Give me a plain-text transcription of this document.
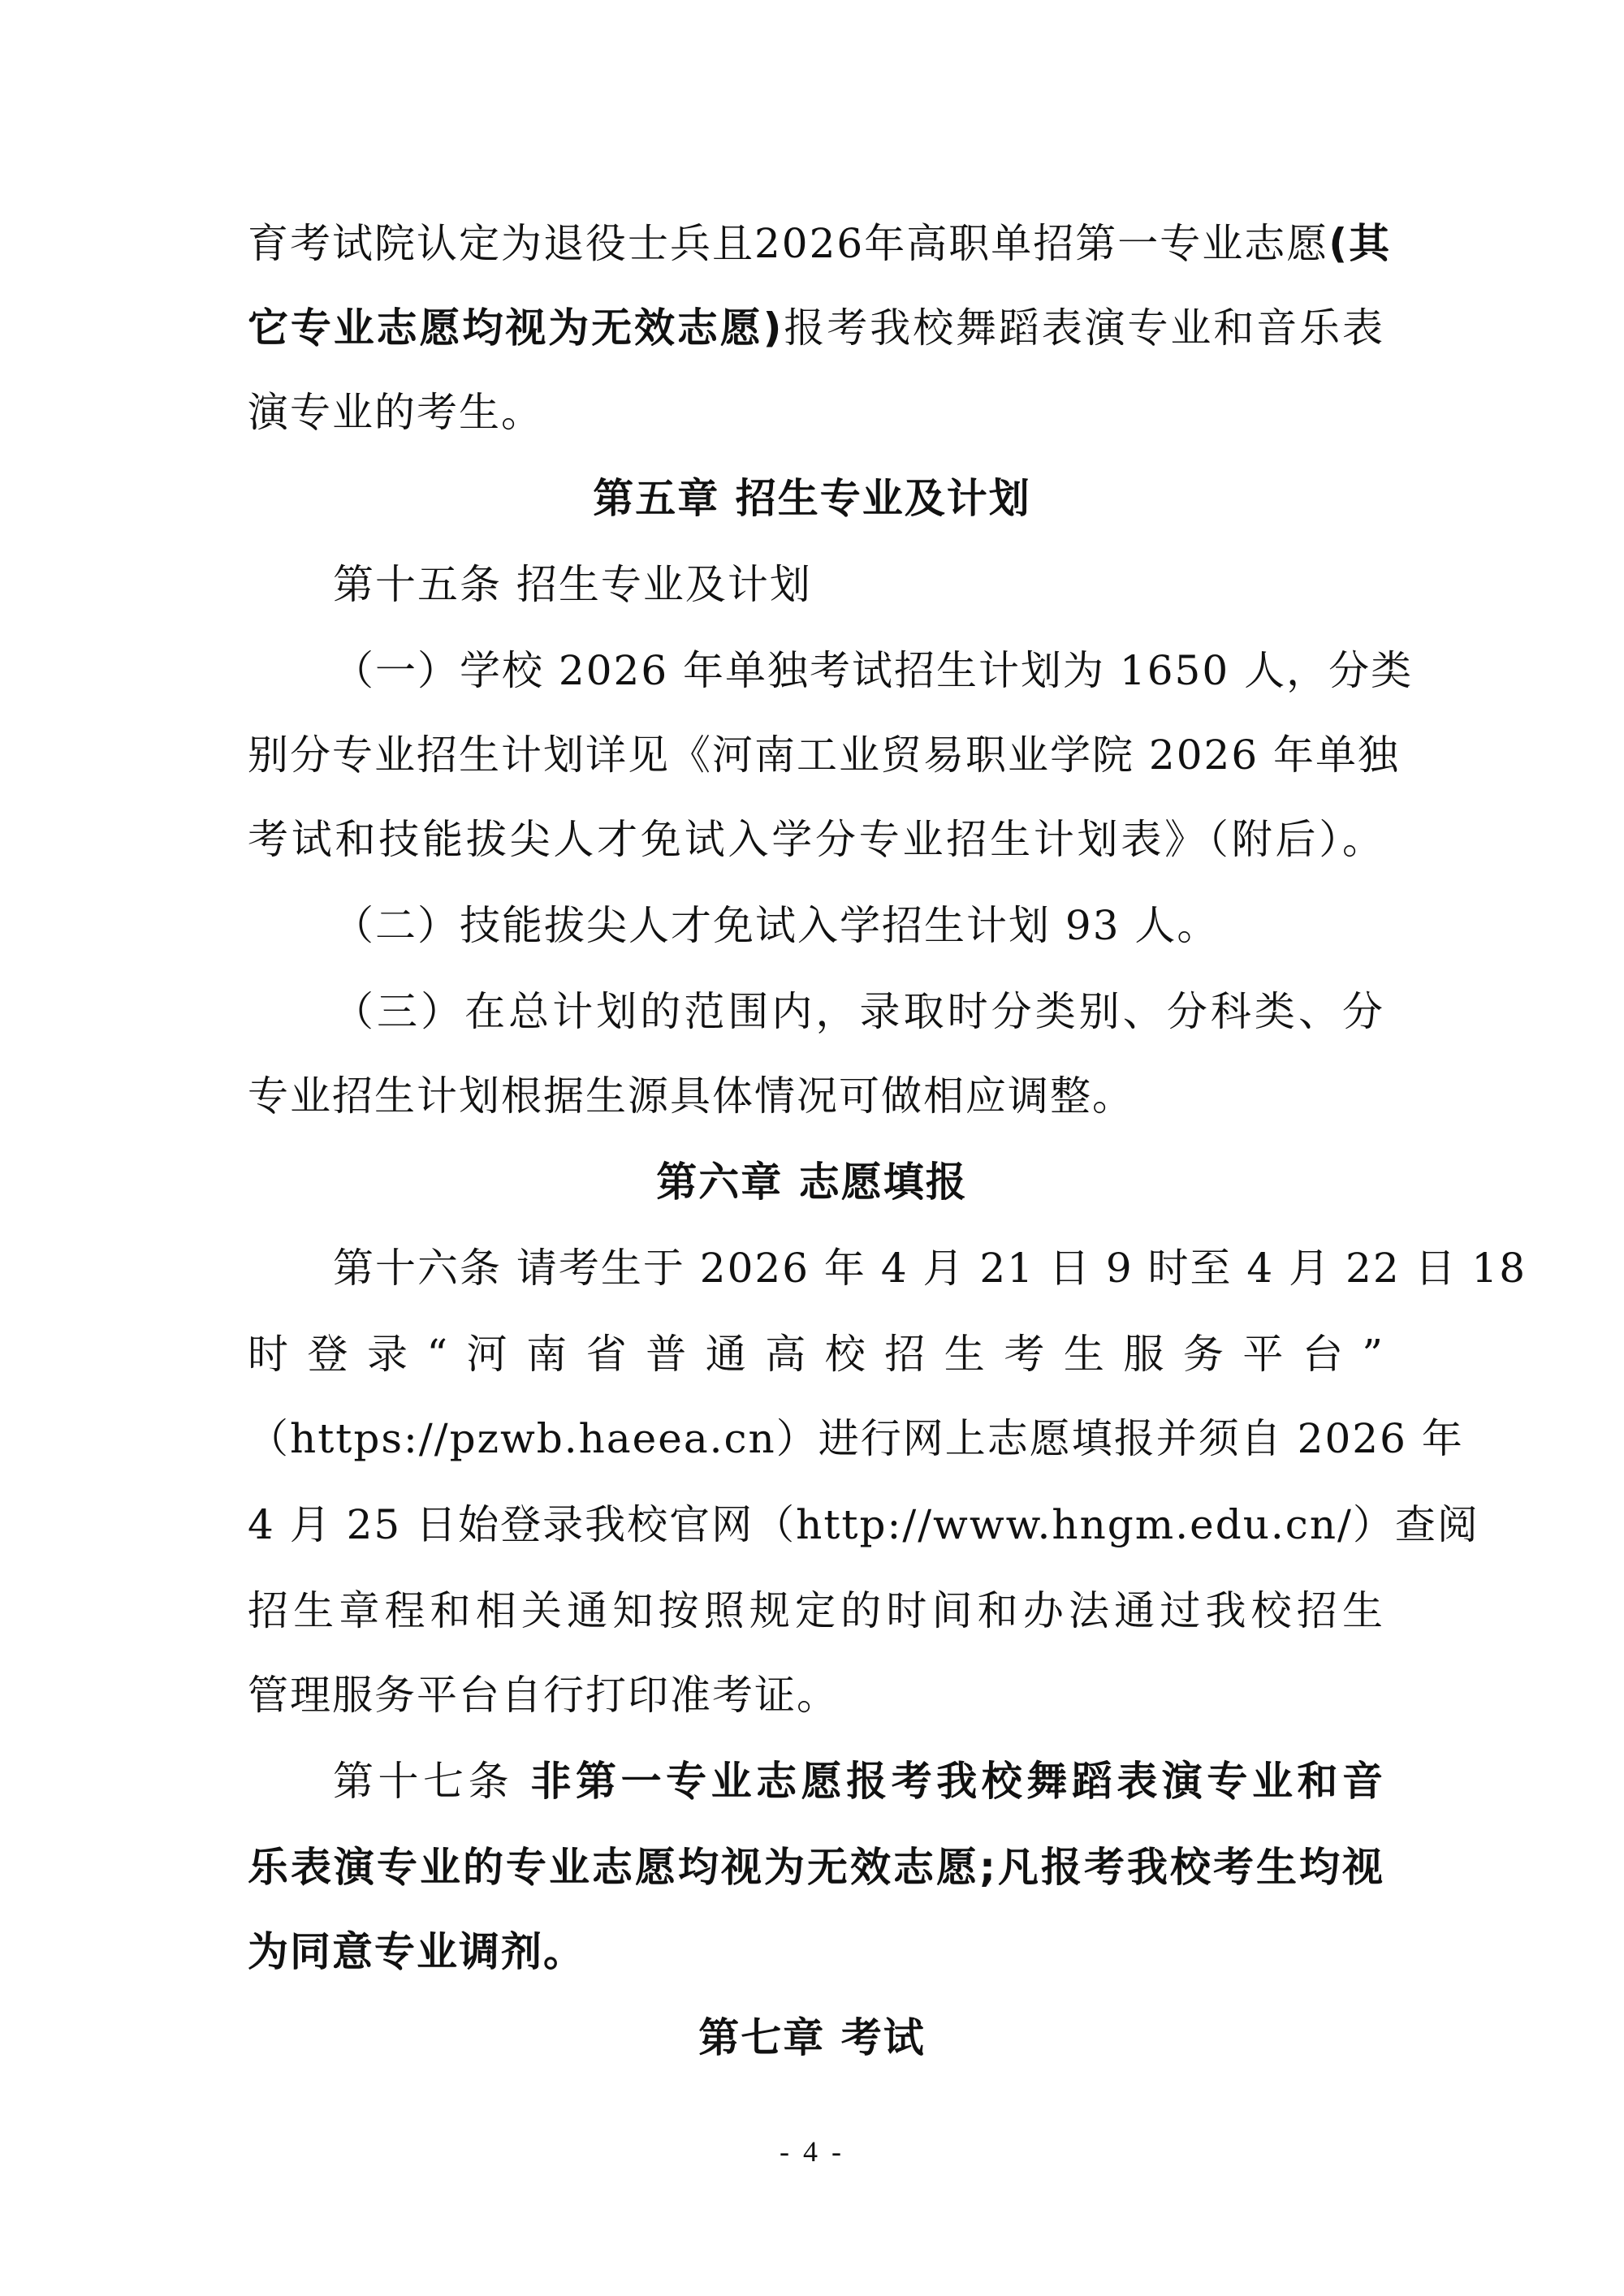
育考试院认定为退役士兵且2026年高职单招第一专业志愿(其
它专业志愿均视为无效志愿)报考我校舞蹈表演专业和音乐表
演专业的考生。
第五章 招生专业及计划
第十五条 招生专业及计划
（一）学校 2026 年单独考试招生计划为 1650 人，分类
别分专业招生计划详见《河南工业贸易职业学院 2026 年单独
考试和技能拔尖人才免试入学分专业招生计划表》（附后）。
（二）技能拔尖人才免试入学招生计划 93 人。
（三）在总计划的范围内，录取时分类别、分科类、分
专业招生计划根据生源具体情况可做相应调整。
第六章 志愿填报
第十六条 请考生于 2026 年 4 月 21 日 9 时至 4 月 22 日 18
时登录“河南省普通高校招生考生服务平台”
（https://pzwb.haeea.cn）进行网上志愿填报并须自 2026 年
4 月 25 日始登录我校官网（http://www.hngm.edu.cn/）查阅
招生章程和相关通知按照规定的时间和办法通过我校招生
管理服务平台自行打印准考证。
第十七条 非第一专业志愿报考我校舞蹈表演专业和音
乐表演专业的专业志愿均视为无效志愿;凡报考我校考生均视
为同意专业调剂。
第七章 考试
- 4 -
